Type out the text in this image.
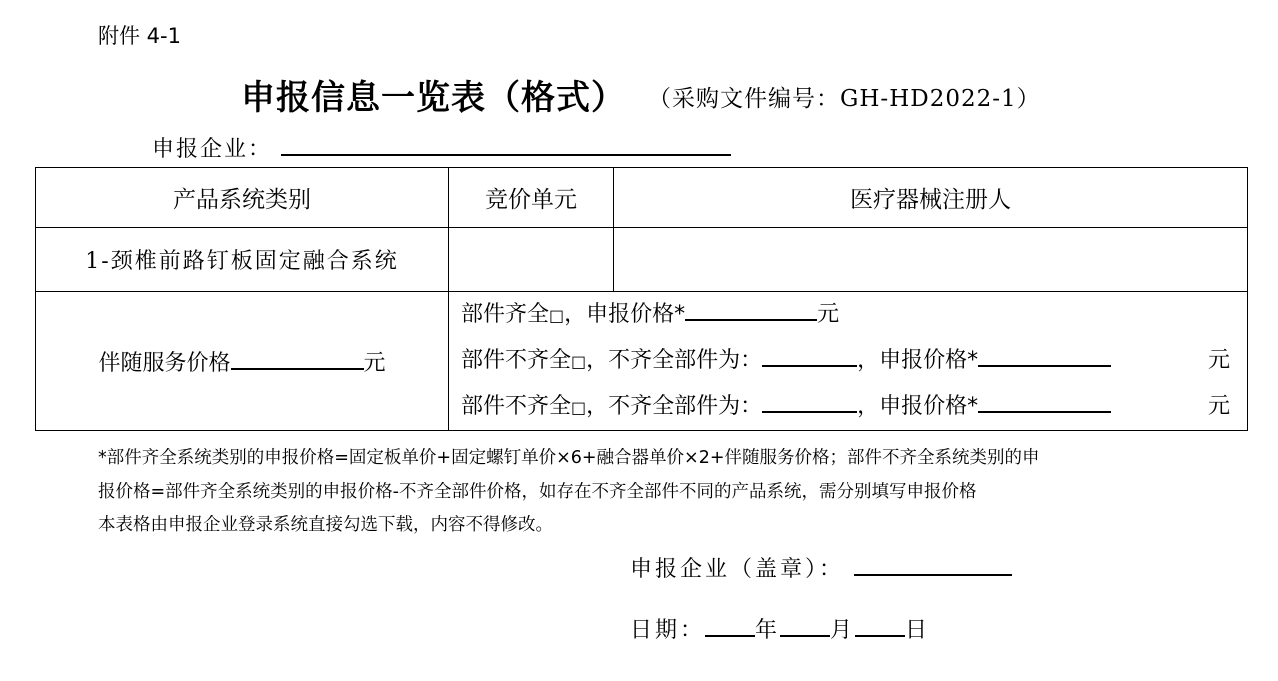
附件 4-1
申报信息一览表（格式） （采购文件编号：GH-HD2022-1）
申报企业：
产品系统类别	竞价单元	医疗器械注册人
1-颈椎前路钉板固定融合系统		
伴随服务价格 元	部件齐全□，申报价格* 元
部件不齐全□，不齐全部件为： ，申报价格* 元
部件不齐全□，不齐全部件为： ，申报价格* 元	
*部件齐全系统类别的申报价格=固定板单价+固定螺钉单价×6+融合器单价×2+伴随服务价格；部件不齐全系统类别的申
报价格=部件齐全系统类别的申报价格-不齐全部件价格，如存在不齐全部件不同的产品系统，需分别填写申报价格
本表格由申报企业登录系统直接勾选下载，内容不得修改。
申报企业（盖章）：
日期： 年 月 日
